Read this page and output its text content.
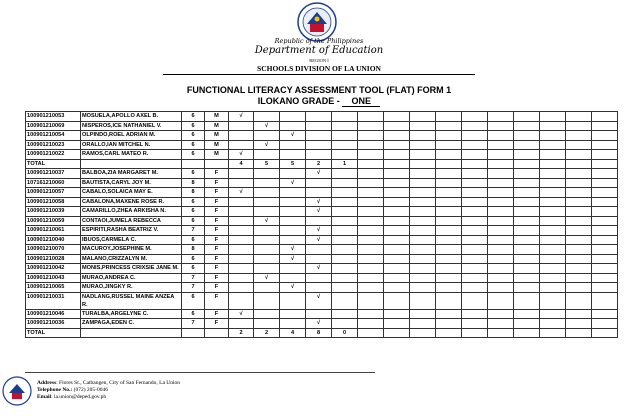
Republic of the Philippines
Department of Education
REGION I
SCHOOLS DIVISION OF LA UNION
FUNCTIONAL LITERACY ASSESSMENT TOOL (FLAT) FORM 1
ILOKANO GRADE - ONE
100901210053	MOSUELA,APOLLO AXEL B.	6	M	√														
100901210069	NISPEROS,ICE NATHANIEL V.	6	M		√													
100901210054	OLPINDO,ROEL ADRIAN M.	6	M			√												
100901210023	ORALLO,IAN MITCHEL N.	6	M		√													
100901210022	RAMOS,CARL MATEO R.	6	M	√														
TOTAL				4	5	5	2	1										
100901210037	BALBOA,ZIA MARGARET M.	6	F				√											
107161210060	BAUTISTA,CARYL JOY M.	8	F			√												
100901210057	CABALO,SOLAICA MAY E.	8	F	√														
100901210058	CABALONA,MAXENE ROSE R.	6	F				√											
100901210039	CAMARILLO,ZHEA ARKISHA N.	6	F				√											
100901210059	CONTAOI,JUMELA REBECCA	6	F		√													
100901210061	ESPIRITI,RASHA BEATRIZ V.	7	F				√											
100901210040	IBUOS,CARMELA C.	6	F				√											
100901210070	MACUROY,JOSEPHINE M.	8	F			√												
100901210028	MALANO,CRIZZALYN M.	6	F			√												
100901210042	MONIS,PRINCESS CRIXSIE JANE M.	6	F				√											
100901210043	MURAO,ANDREA C.	7	F		√													
100901210065	MURAO,JINGKY R.	7	F			√												
100901210031	NADLANG,RUSSEL MAINE ANZEA R.	6	F				√											
100901210046	TURALBA,ARGELYNE C.	6	F	√														
100901210036	ZAMPAGA,EDEN C.	7	F				√											
TOTAL				2	2	4	8	0										
Address: Flores St., Catbangen, City of San Fernando, La Union
Telephone No.: (072) 205-0046
Email: la.union@deped.gov.ph
